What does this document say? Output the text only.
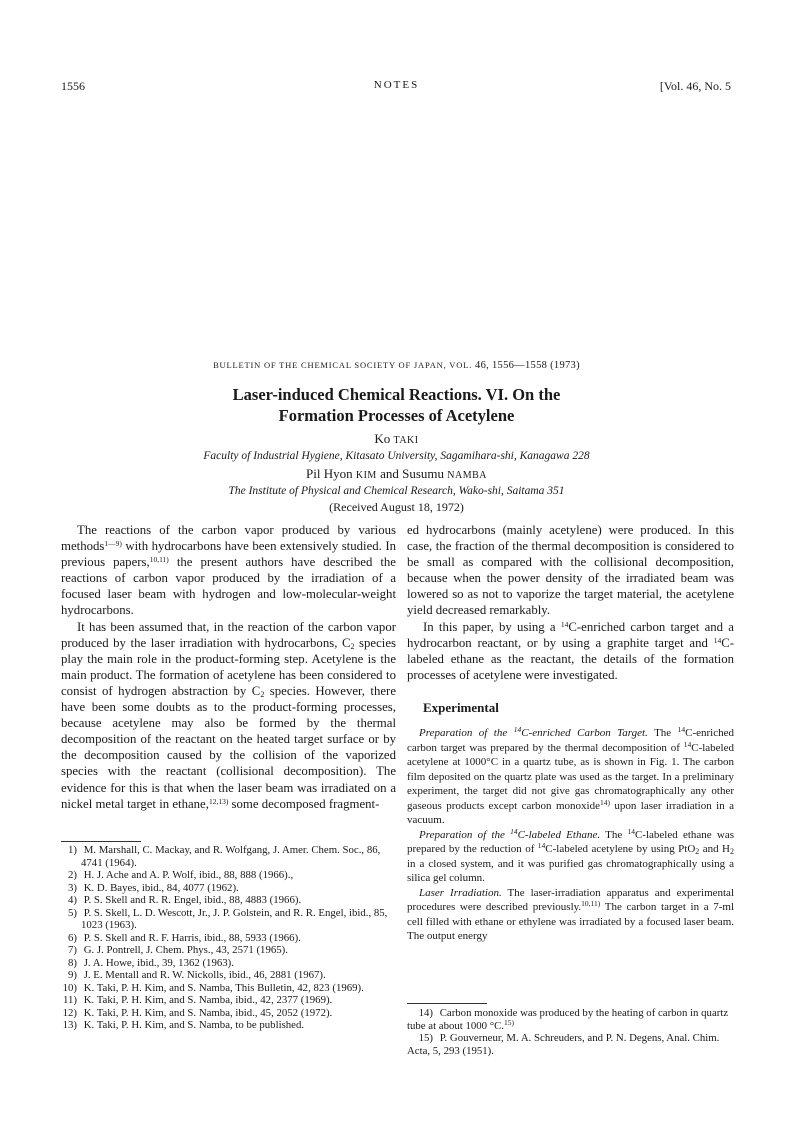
1556	NOTES	[Vol. 46, No. 5
BULLETIN OF THE CHEMICAL SOCIETY OF JAPAN, VOL. 46, 1556—1558 (1973)
Laser-induced Chemical Reactions. VI. On the
Formation Processes of Acetylene
Ko TAKI
Faculty of Industrial Hygiene, Kitasato University, Sagamihara-shi, Kanagawa 228
Pil Hyon KIM and Susumu NAMBA
The Institute of Physical and Chemical Research, Wako-shi, Saitama 351
(Received August 18, 1972)

The reactions of the carbon vapor produced by various methods$^{1—9)}$ with hydrocarbons have been extensively studied. In previous papers,$^{10,11)}$ the present authors have described the reactions of carbon vapor produced by the irradiation of a focused laser beam with hydrogen and low-molecular-weight hydrocarbons.

It has been assumed that, in the reaction of the carbon vapor produced by the laser irradiation with hydrocarbons, $C_2$ species play the main role in the product-forming step. Acetylene is the main product. The formation of acetylene has been considered to consist of hydrogen abstraction by $C_2$ species. However, there have been some doubts as to the product-forming processes, because acetylene may also be formed by the thermal decomposition of the reactant on the heated target surface or by the decomposition caused by the collision of the vaporized species with the reactant (collisional decomposition). The evidence for this is that when the laser beam was irradiated on a nickel metal target in ethane,$^{12,13)}$ some decomposed fragment-

1) M. Marshall, C. Mackay, and R. Wolfgang, J. Amer. Chem. Soc., 86, 4741 (1964).

2) H. J. Ache and A. P. Wolf, ibid., 88, 888 (1966).,

3) K. D. Bayes, ibid., 84, 4077 (1962).

4) P. S. Skell and R. R. Engel, ibid., 88, 4883 (1966).

5) P. S. Skell, L. D. Wescott, Jr., J. P. Golstein, and R. R. Engel, ibid., 85, 1023 (1963).

6) P. S. Skell and R. F. Harris, ibid., 88, 5933 (1966).

7) G. J. Pontrell, J. Chem. Phys., 43, 2571 (1965).

8) J. A. Howe, ibid., 39, 1362 (1963).

9) J. E. Mentall and R. W. Nickolls, ibid., 46, 2881 (1967).

10) K. Taki, P. H. Kim, and S. Namba, This Bulletin, 42, 823 (1969).

11) K. Taki, P. H. Kim, and S. Namba, ibid., 42, 2377 (1969).

12) K. Taki, P. H. Kim, and S. Namba, ibid., 45, 2052 (1972).

13) K. Taki, P. H. Kim, and S. Namba, to be published.

ed hydrocarbons (mainly acetylene) were produced. In this case, the fraction of the thermal decomposition is considered to be small as compared with the collisional decomposition, because when the power density of the irradiated beam was lowered so as not to vaporize the target material, the acetylene yield decreased remarkably.

In this paper, by using a $^{14}$C-enriched carbon target and a hydrocarbon reactant, or by using a graphite target and $^{14}$C-labeled ethane as the reactant, the details of the formation processes of acetylene were investigated.

Experimental

Preparation of the $^{14}$C-enriched Carbon Target. The $^{14}$C-enriched carbon target was prepared by the thermal decomposition of $^{14}$C-labeled acetylene at 1000°C in a quartz tube, as is shown in Fig. 1. The carbon film deposited on the quartz plate was used as the target. In a preliminary experiment, the target did not give gas chromatographically any other gaseous products except carbon monoxide$^{14)}$ upon laser irradiation in a vacuum.

Preparation of the $^{14}$C-labeled Ethane. The $^{14}$C-labeled ethane was prepared by the reduction of $^{14}$C-labeled acetylene by using PtO$_2$ and $H_2$ in a closed system, and it was purified gas chromatographically using a silica gel column.

Laser Irradiation. The laser-irradiation apparatus and experimental procedures were described previously.$^{10,11)}$ The carbon target in a 7-ml cell filled with ethane or ethylene was irradiated by a focused laser beam. The output energy

14) Carbon monoxide was produced by the heating of carbon in quartz tube at about 1000 °C.$^{15)}$

15) P. Gouverneur, M. A. Schreuders, and P. N. Degens, Anal. Chim. Acta, 5, 293 (1951).
